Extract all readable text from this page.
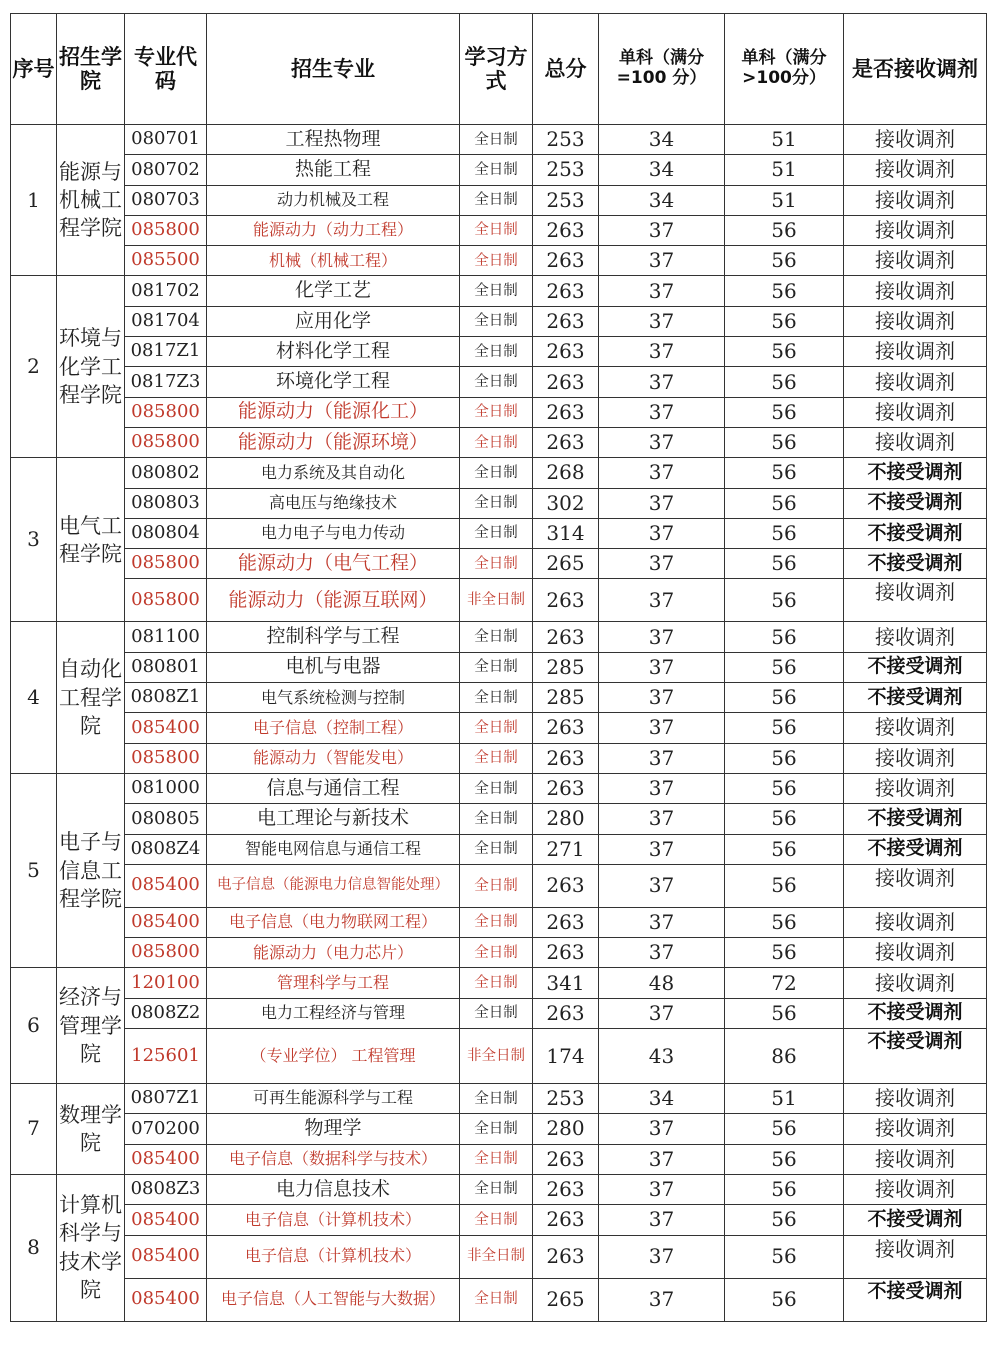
序号	招生学院	专业代码	招生专业	学习方式	总分	单科（满分=100 分）	单科（满分>100分）	是否接收调剂
1	能源与机械工程学院	080701	工程热物理	全日制	253	34	51	接收调剂
		080702	热能工程	全日制	253	34	51	接收调剂
		080703	动力机械及工程	全日制	253	34	51	接收调剂
		085800	能源动力（动力工程）	全日制	263	37	56	接收调剂
		085500	机械（机械工程）	全日制	263	37	56	接收调剂
2	环境与化学工程学院	081702	化学工艺	全日制	263	37	56	接收调剂
		081704	应用化学	全日制	263	37	56	接收调剂
		0817Z1	材料化学工程	全日制	263	37	56	接收调剂
		0817Z3	环境化学工程	全日制	263	37	56	接收调剂
		085800	能源动力（能源化工）	全日制	263	37	56	接收调剂
		085800	能源动力（能源环境）	全日制	263	37	56	接收调剂
3	电气工程学院	080802	电力系统及其自动化	全日制	268	37	56	不接受调剂
		080803	高电压与绝缘技术	全日制	302	37	56	不接受调剂
		080804	电力电子与电力传动	全日制	314	37	56	不接受调剂
		085800	能源动力（电气工程）	全日制	265	37	56	不接受调剂
		085800	能源动力（能源互联网）	非全日制	263	37	56	接收调剂
4	自动化工程学院	081100	控制科学与工程	全日制	263	37	56	接收调剂
		080801	电机与电器	全日制	285	37	56	不接受调剂
		0808Z1	电气系统检测与控制	全日制	285	37	56	不接受调剂
		085400	电子信息（控制工程）	全日制	263	37	56	接收调剂
		085800	能源动力（智能发电）	全日制	263	37	56	接收调剂
5	电子与信息工程学院	081000	信息与通信工程	全日制	263	37	56	接收调剂
		080805	电工理论与新技术	全日制	280	37	56	不接受调剂
		0808Z4	智能电网信息与通信工程	全日制	271	37	56	不接受调剂
		085400	电子信息（能源电力信息智能处理）	全日制	263	37	56	接收调剂
		085400	电子信息（电力物联网工程）	全日制	263	37	56	接收调剂
		085800	能源动力（电力芯片）	全日制	263	37	56	接收调剂
6	经济与管理学院	120100	管理科学与工程	全日制	341	48	72	接收调剂
		0808Z2	电力工程经济与管理	全日制	263	37	56	不接受调剂
		125601	（专业学位） 工程管理	非全日制	174	43	86	不接受调剂
7	数理学院	0807Z1	可再生能源科学与工程	全日制	253	34	51	接收调剂
		070200	物理学	全日制	280	37	56	接收调剂
		085400	电子信息（数据科学与技术）	全日制	263	37	56	接收调剂
8	计算机科学与技术学院	0808Z3	电力信息技术	全日制	263	37	56	接收调剂
		085400	电子信息（计算机技术）	全日制	263	37	56	不接受调剂
		085400	电子信息（计算机技术）	非全日制	263	37	56	接收调剂
		085400	电子信息（人工智能与大数据）	全日制	265	37	56	不接受调剂
